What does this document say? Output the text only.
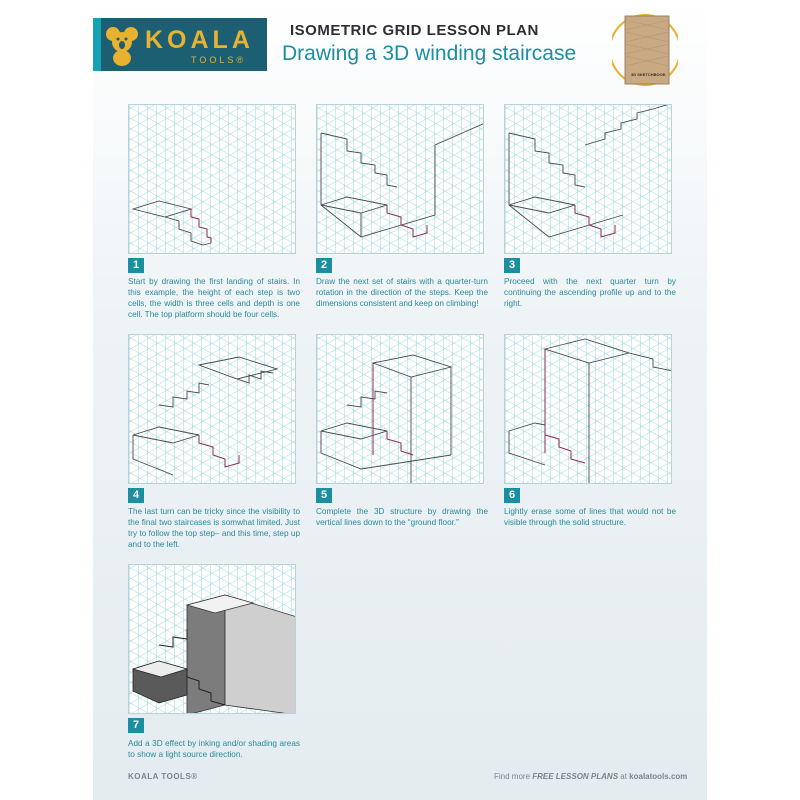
KOALA
TOOLS®
ISOMETRIC GRID LESSON PLAN
Drawing a 3D winding staircase
3D SKETCHBOOK
1
Start by drawing the first landing of stairs. In this example, the height of each step is two cells, the width is three cells and depth is one cell. The top platform should be four cells.
2
Draw the next set of stairs with a quarter-turn rotation in the direction of the steps. Keep the dimensions consistent and keep on climbing!
3
Proceed with the next quarter turn by continuing the ascending profile up and to the right.
4
The last turn can be tricky since the visibility to the final two staircases is somwhat limited. Just try to follow the top step– and this time, step up and to the left.
5
Complete the 3D structure by drawing the vertical lines down to the “ground floor.”
6
Lightly erase some of lines that would not be visible through the solid structure.
7
Add a 3D effect by inking and/or shading areas to show a light source direction.
KOALA TOOLS®	Find more FREE LESSON PLANS at koalatools.com
